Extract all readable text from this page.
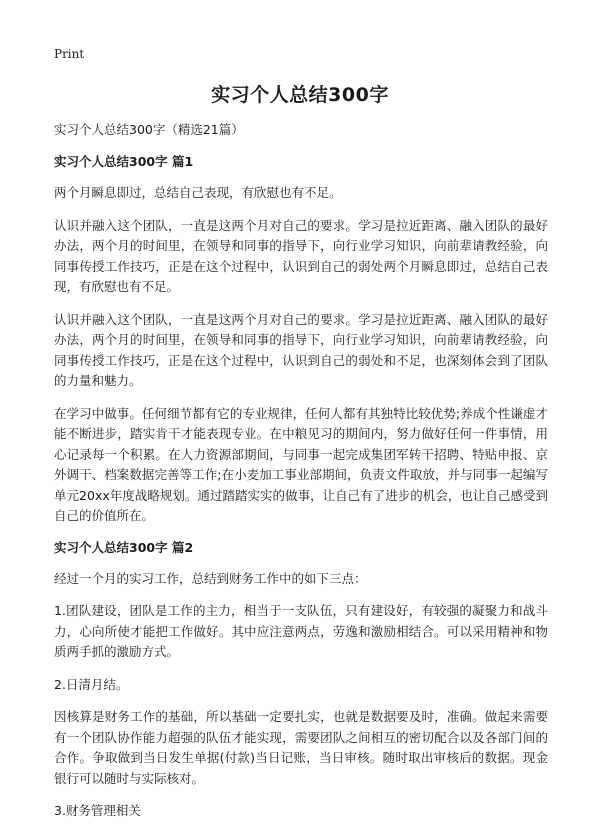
Print
实习个人总结300字
实习个人总结300字（精选21篇）
实习个人总结300字 篇1

两个月瞬息即过，总结自己表现，有欣慰也有不足。

认识并融入这个团队，一直是这两个月对自己的要求。学习是拉近距离、融入团队的最好办法，两个月的时间里，在领导和同事的指导下，向行业学习知识，向前辈请教经验，向同事传授工作技巧，正是在这个过程中，认识到自己的弱处两个月瞬息即过，总结自己表现，有欣慰也有不足。

认识并融入这个团队，一直是这两个月对自己的要求。学习是拉近距离、融入团队的最好办法，两个月的时间里，在领导和同事的指导下，向行业学习知识，向前辈请教经验，向同事传授工作技巧，正是在这个过程中，认识到自己的弱处和不足，也深刻体会到了团队的力量和魅力。

在学习中做事。任何细节都有它的专业规律，任何人都有其独特比较优势;养成个性谦虚才能不断进步，踏实肯干才能表现专业。在中粮见习的期间内，努力做好任何一件事情，用心记录每一个积累。在人力资源部期间，与同事一起完成集团军转干招聘、特贴申报、京外调干、档案数据完善等工作;在小麦加工事业部期间，负责文件取放，并与同事一起编写单元20xx年度战略规划。通过踏踏实实的做事，让自己有了进步的机会，也让自己感受到自己的价值所在。

实习个人总结300字 篇2

经过一个月的实习工作，总结到财务工作中的如下三点：

1.团队建设，团队是工作的主力，相当于一支队伍，只有建设好，有较强的凝聚力和战斗力，心向所使才能把工作做好。其中应注意两点，劳逸和激励相结合。可以采用精神和物质两手抓的激励方式。

2.日清月结。

因核算是财务工作的基础，所以基础一定要扎实，也就是数据要及时，准确。做起来需要有一个团队协作能力超强的队伍才能实现，需要团队之间相互的密切配合以及各部门间的合作。争取做到当日发生单据(付款)当日记账，当日审核。随时取出审核后的数据。现金银行可以随时与实际核对。

3.财务管理相关
